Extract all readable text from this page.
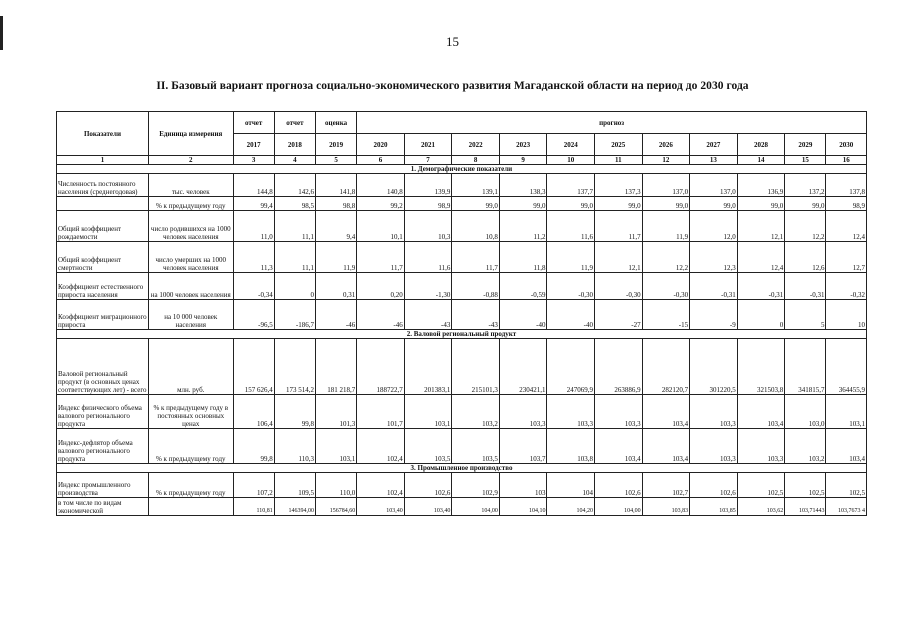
15
II. Базовый вариант прогноза социально-экономического развития Магаданской области на период до 2030 года
Показатели	Единица измерения	отчет	отчет	оценка	прогноз										
		2017	2018	2019	2020	2021	2022	2023	2024	2025	2026	2027	2028	2029	2030
1	2	3	4	5	6	7	8	9	10	11	12	13	14	15	16
1. Демографические показатели															
Численность постоянного населения (среднегодовая)	тыс. человек	144,8	142,6	141,8	140,8	139,9	139,1	138,3	137,7	137,3	137,0	137,0	136,9	137,2	137,8
	% к предыдущему году	99,4	98,5	98,8	99,2	98,9	99,0	99,0	99,0	99,0	99,0	99,0	99,0	99,0	98,9
Общий коэффициент рождаемости	число родившихся на 1000 человек населения	11,0	11,1	9,4	10,1	10,3	10,8	11,2	11,6	11,7	11,9	12,0	12,1	12,2	12,4
Общий коэффициент смертности	число умерших на 1000 человек населения	11,3	11,1	11,9	11,7	11,6	11,7	11,8	11,9	12,1	12,2	12,3	12,4	12,6	12,7
Коэффициент естественного прироста населения	на 1000 человек населения	-0,34	0	0,31	0,20	-1,30	-0,88	-0,59	-0,30	-0,30	-0,30	-0,31	-0,31	-0,31	-0,32
Коэффициент миграционного прироста	на 10 000 человек населения	-96,5	-186,7	-46	-46	-43	-43	-40	-40	-27	-15	-9	0	5	10
2. Валовой региональный продукт															
Валовой региональный продукт (в основных ценах соответствующих лет) - всего	млн. руб.	157 626,4	173 514,2	181 218,7	188722,7	201383,1	215101,3	230421,1	247069,9	263886,9	282120,7	301220,5	321503,8	341815,7	364455,9
Индекс физического объема валового регионального продукта	% к предыдущему году в постоянных основных ценах	106,4	99,8	101,3	101,7	103,1	103,2	103,3	103,3	103,3	103,4	103,3	103,4	103,0	103,1
Индекс-дефлятор объема валового регионального продукта	% к предыдущему году	99,8	110,3	103,1	102,4	103,5	103,5	103,7	103,8	103,4	103,4	103,3	103,3	103,2	103,4
3. Промышленное производство															
Индекс промышленного производства	% к предыдущему году	107,2	109,5	110,0	102,4	102,6	102,9	103	104	102,6	102,7	102,6	102,5	102,5	102,5
в том числе по видам экономической		110,81	146394,00	156784,60	103,40	103,40	104,00	104,10	104,20	104,00	103,83	103,85	103,62	103,71443	103,7673 4
